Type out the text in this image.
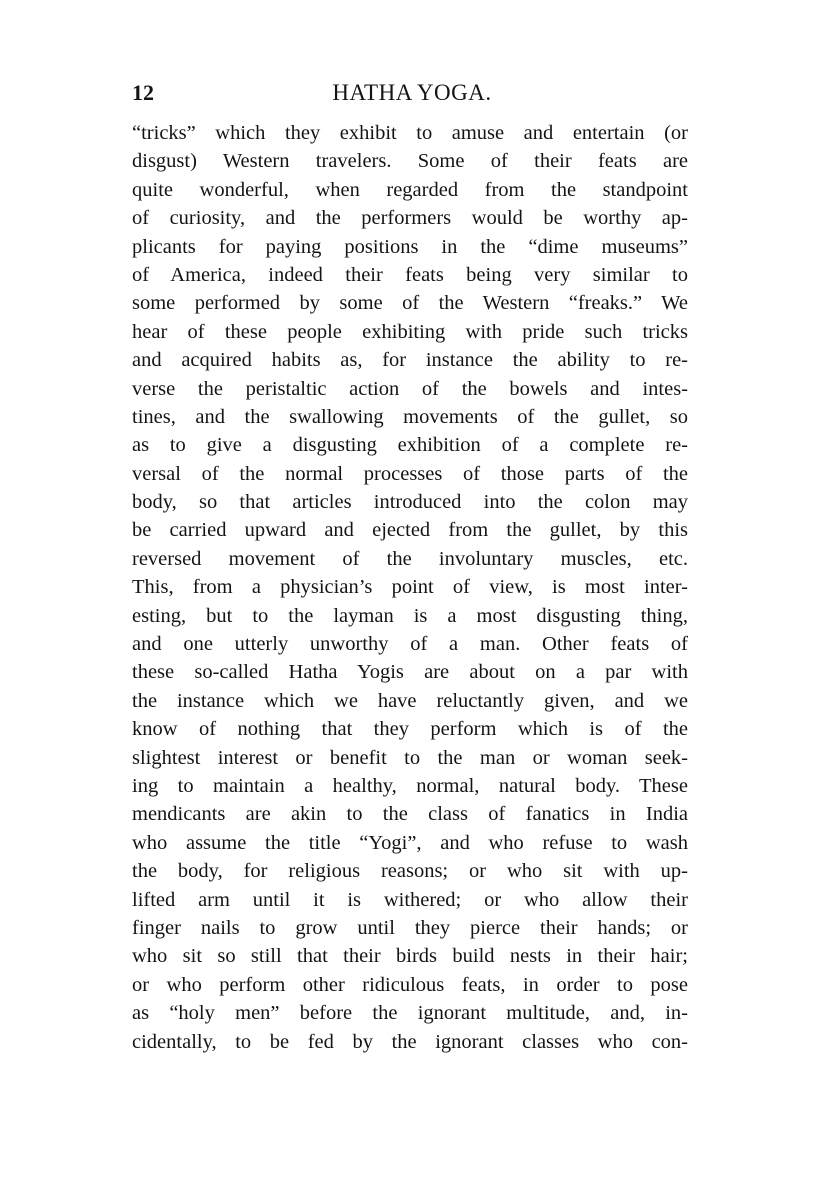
12	HATHA YOGA.
“tricks” which they exhibit to amuse and entertain (or
disgust) Western travelers. Some of their feats are
quite wonderful, when regarded from the standpoint
of curiosity, and the performers would be worthy ap-
plicants for paying positions in the “dime museums”
of America, indeed their feats being very similar to
some performed by some of the Western “freaks.” We
hear of these people exhibiting with pride such tricks
and acquired habits as, for instance the ability to re-
verse the peristaltic action of the bowels and intes-
tines, and the swallowing movements of the gullet, so
as to give a disgusting exhibition of a complete re-
versal of the normal processes of those parts of the
body, so that articles introduced into the colon may
be carried upward and ejected from the gullet, by this
reversed movement of the involuntary muscles, etc.
This, from a physician’s point of view, is most inter-
esting, but to the layman is a most disgusting thing,
and one utterly unworthy of a man. Other feats of
these so-called Hatha Yogis are about on a par with
the instance which we have reluctantly given, and we
know of nothing that they perform which is of the
slightest interest or benefit to the man or woman seek-
ing to maintain a healthy, normal, natural body. These
mendicants are akin to the class of fanatics in India
who assume the title “Yogi”, and who refuse to wash
the body, for religious reasons; or who sit with up-
lifted arm until it is withered; or who allow their
finger nails to grow until they pierce their hands; or
who sit so still that their birds build nests in their hair;
or who perform other ridiculous feats, in order to pose
as “holy men” before the ignorant multitude, and, in-
cidentally, to be fed by the ignorant classes who con-
